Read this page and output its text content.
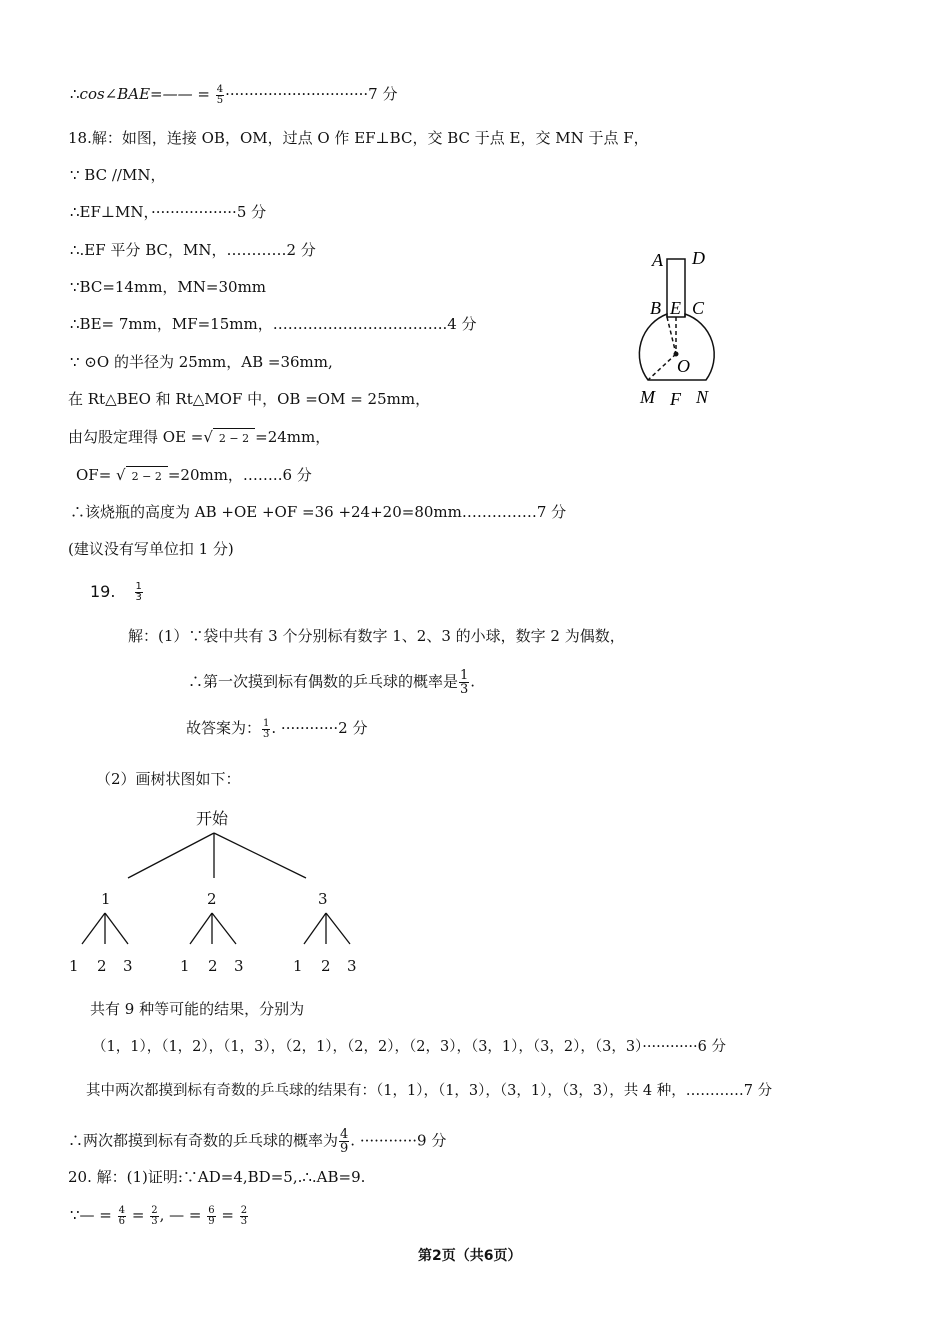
∴cos∠BAE=—— = $\frac{4}{5} \cdot\cdot\cdot\cdot\cdot\cdot\cdot\cdot\cdot\cdot\cdot\cdot\cdot\cdot\cdot\cdot\cdot\cdot\cdot\cdot\cdot\cdot\cdot\cdot\cdot\cdot\cdot\cdot\cdot\cdot 7$ 分
18.解：如图，连接 OB，OM，过点 O 作 EF⊥BC，交 BC 于点 E，交 MN 于点 F，
∵ BC //MN，
∴EF⊥MN，··················5 分
∴.EF 平分 BC，MN，…………2 分
∵BC=14mm，MN=30mm
∴BE= 7mm，MF=15mm，……………………………..4 分
∵ ⊙O 的半径为 25mm，AB =36mm,
在 Rt△BEO 和 Rt△MOF 中，OB =OM = 25mm，
由勾股定理得 OE =√ 2 − 2 =24mm，
OF= √ 2 − 2 =20mm，……..6 分
∴该烧瓶的高度为 AB +OE +OF =36 +24+20=80mm……………7 分
(建议没有写单位扣 1 分)
A D
B E C
O
M F N
19. $\frac{1}{3}$
解：(1）∵袋中共有 3 个分别标有数字 1、2、3 的小球，数字 2 为偶数，
∴第一次摸到标有偶数的乒乓球的概率是 $\frac{1}{3}$ .
故答案为： $\frac{1}{3}$ . ············2 分
（2）画树状图如下：
开始
1	2	3
1 2 3	1 2 3	1 2 3
共有 9 种等可能的结果，分别为
（1，1），（1，2），（1，3），（2，1），（2，2），（2，3），（3，1），（3，2），（3，3）············6 分
其中两次都摸到标有奇数的乒乓球的结果有：（1，1），（1，3），（3，1），（3，3），共 4 种，…………7 分
∴两次都摸到标有奇数的乒乓球的概率为 $\frac{4}{9}$ . ············9 分
20. 解：(1)证明:∵AD=4,BD=5,.∴.AB=9.
∵— = $\frac{4}{6} = \frac{2}{3}$ , — = $\frac{6}{9} = \frac{2}{3}$
第2页（共6页）
